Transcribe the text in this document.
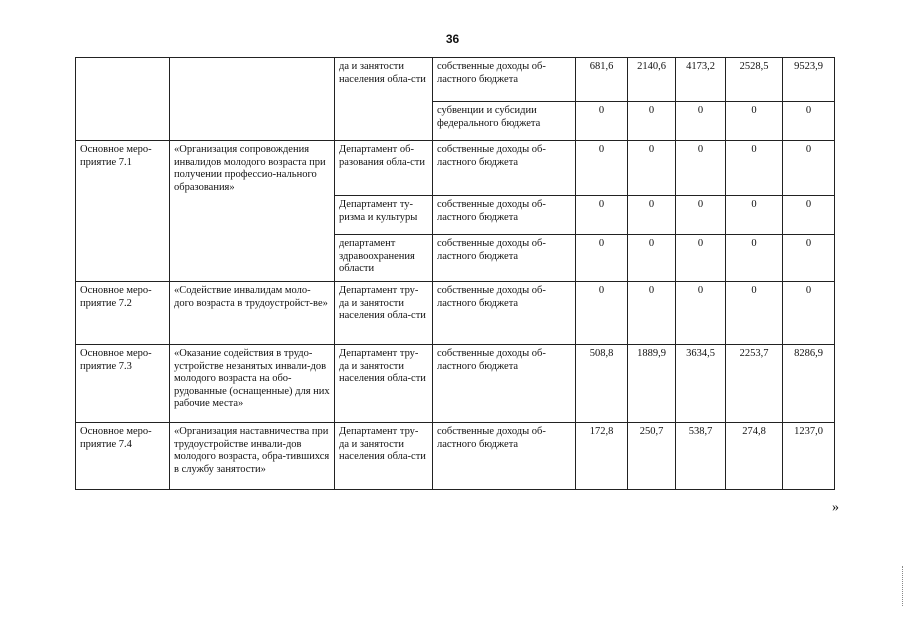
36
		да и занятости населения обла-сти	собственные доходы об-ластного бюджета	681,6	2140,6	4173,2	2528,5	9523,9
			субвенции и субсидии федерального бюджета	0	0	0	0	0
Основное меро-приятие 7.1	«Организация сопровождения инвалидов молодого возраста при получении профессио-нального образования»	Департамент об-разования обла-сти	собственные доходы об-ластного бюджета	0	0	0	0	0
		Департамент ту-ризма и культуры	собственные доходы об-ластного бюджета	0	0	0	0	0
		департамент здравоохранения области	собственные доходы об-ластного бюджета	0	0	0	0	0
Основное меро-приятие 7.2	«Содействие инвалидам моло-дого возраста в трудоустройст-ве»	Департамент тру-да и занятости населения обла-сти	собственные доходы об-ластного бюджета	0	0	0	0	0
Основное меро-приятие 7.3	«Оказание содействия в трудо-устройстве незанятых инвали-дов молодого возраста на обо-рудованные (оснащенные) для них рабочие места»	Департамент тру-да и занятости населения обла-сти	собственные доходы об-ластного бюджета	508,8	1889,9	3634,5	2253,7	8286,9
Основное меро-приятие 7.4	«Организация наставничества при трудоустройстве инвали-дов молодого возраста, обра-тившихся в службу занятости»	Департамент тру-да и занятости населения обла-сти	собственные доходы об-ластного бюджета	172,8	250,7	538,7	274,8	1237,0
»
